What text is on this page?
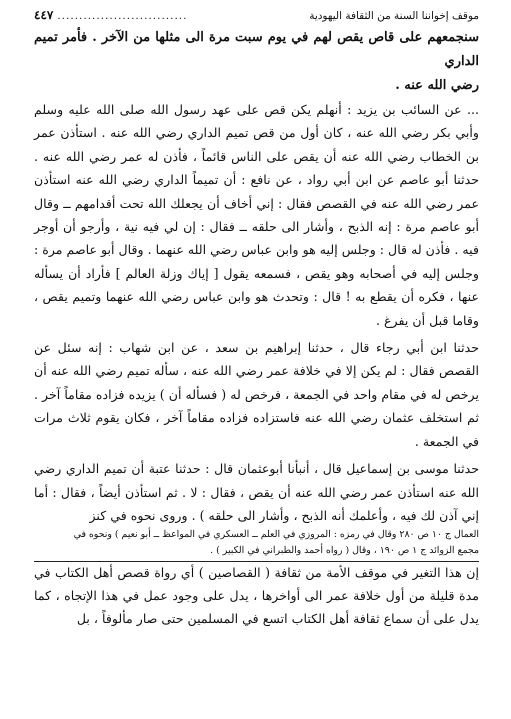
موقف إخواننا السنة من الثقافة اليهودية
..............................
٤٤٧
سنجمعهم على قاص يقص لهم في يوم سبت مرة الى مثلها من الآخر . فأمر تميم الداري
رضي الله عنه .

... عن السائب بن يزيد : أنهلم يكن قص على عهد رسول الله صلى الله عليه وسلم وأبي بكر رضي الله عنه ، كان أول من قص تميم الداري رضي الله عنه . استأذن عمر بن الخطاب رضي الله عنه أن يقص على الناس قائماً ، فأذن له عمر رضي الله عنه . حدثنا أبو عاصم عن ابن أبي رواد ، عن نافع : أن تميماً الداري رضي الله عنه استأذن عمر رضي الله عنه في القصص فقال : إني أخاف أن يجعلك الله تحت أقدامهم ــ وقال أبو عاصم مرة : إنه الذبح ، وأشار الى حلقه ــ فقال : إن لي فيه نية ، وأرجو أن أوجر فيه . فأذن له قال : وجلس إليه هو وابن عباس رضي الله عنهما . وقال أبو عاصم مرة : وجلس إليه في أصحابه وهو يقص ، فسمعه يقول [ إياك وزلة العالم ] فأراد أن يسأله عنها ، فكره أن يقطع به ! قال : وتحدث هو وابن عباس رضي الله عنهما وتميم يقص ، وقاما قبل أن يفرغ .

حدثنا ابن أبي رجاء قال ، حدثنا إبراهيم بن سعد ، عن ابن شهاب : إنه سئل عن القصص فقال : لم يكن إلا في خلافة عمر رضي الله عنه ، سأله تميم رضي الله عنه أن يرخص له في مقام واحد في الجمعة ، فرخص له ( فسأله أن ) يزيده فزاده مقاماً آخر . ثم استخلف عثمان رضي الله عنه فاستزاده فزاده مقاماً آخر ، فكان يقوم ثلاث مرات في الجمعة .

حدثنا موسى بن إسماعيل قال ، أنبأنا أبوعثمان قال : حدثنا عتبة أن تميم الداري رضي الله عنه استأذن عمر رضي الله عنه أن يقص ، فقال : لا . ثم استأذن أيضاً ، فقال : أما إني آذن لك فيه ، وأعلمك أنه الذبح ، وأشار الى حلقه ) . وروى نحوه في كنز

العمال ج ١٠ ص ٢٨٠ وقال في رمزه : المروزي في العلم ــ العسكري في المواعظ ــ أبو نعيم ) ونحوه في

مجمع الزوائد ج ١ ص ١٩٠ ، وقال ( رواه أحمد والطبراني في الكبير ) .

إن هذا التغير في موقف الأمة من ثقافة ( القصاصين ) أي رواة قصص أهل الكتاب في مدة قليلة من أول خلافة عمر الى أواخرها ، يدل على وجود عمل في هذا الإتجاه ، كما يدل على أن سماع ثقافة أهل الكتاب اتسع في المسلمين حتى صار مألوفاً ، بل
